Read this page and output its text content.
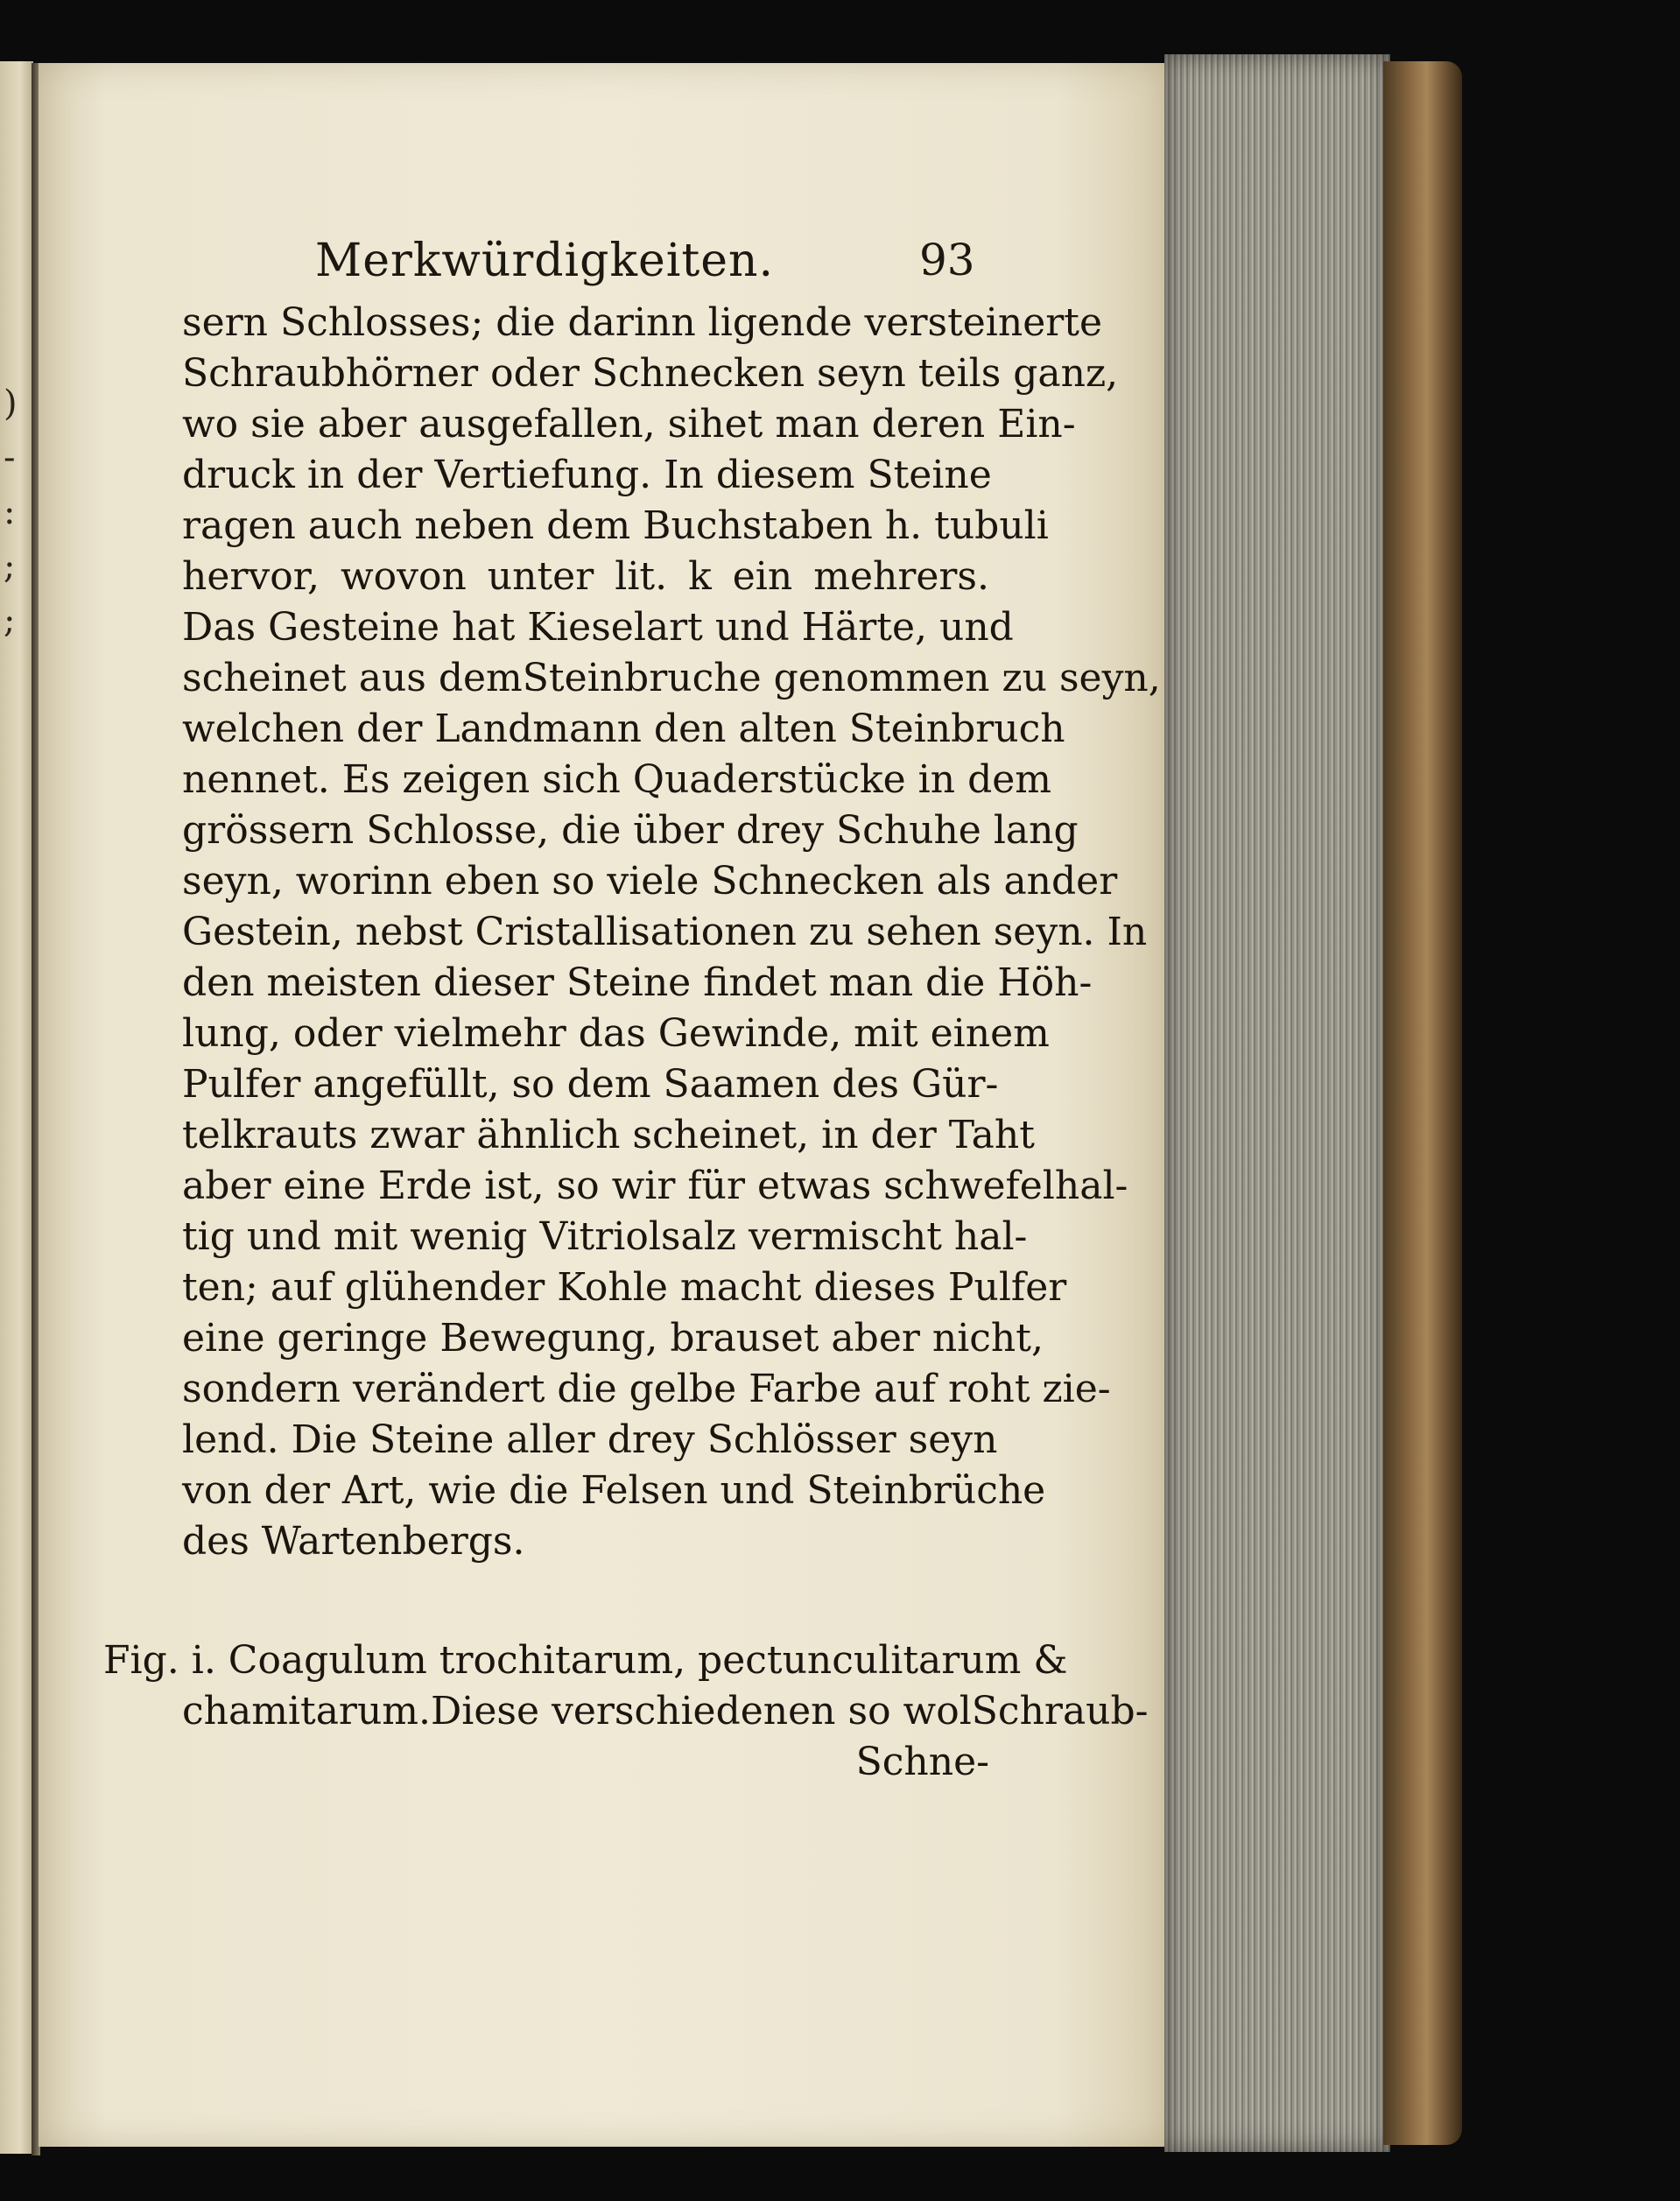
)
-
:
;
;
Merkwürdigkeiten.	93
sern Schlosses; die darinn ligende versteinerte
Schraubhörner oder Schnecken seyn teils ganz,
wo sie aber ausgefallen, sihet man deren Ein-
druck in der Vertiefung. In diesem Steine
ragen auch neben dem Buchstaben h. tubuli
hervor, wovon unter lit. k ein mehrers.
Das Gesteine hat Kieselart und Härte, und
scheinet aus demSteinbruche genommen zu seyn,
welchen der Landmann den alten Steinbruch
nennet. Es zeigen sich Quaderstücke in dem
grössern Schlosse, die über drey Schuhe lang
seyn, worinn eben so viele Schnecken als ander
Gestein, nebst Cristallisationen zu sehen seyn. In
den meisten dieser Steine findet man die Höh-
lung, oder vielmehr das Gewinde, mit einem
Pulfer angefüllt, so dem Saamen des Gür-
telkrauts zwar ähnlich scheinet, in der Taht
aber eine Erde ist, so wir für etwas schwefelhal-
tig und mit wenig Vitriolsalz vermischt hal-
ten; auf glühender Kohle macht dieses Pulfer
eine geringe Bewegung, brauset aber nicht,
sondern verändert die gelbe Farbe auf roht zie-
lend. Die Steine aller drey Schlösser seyn
von der Art, wie die Felsen und Steinbrüche
des Wartenbergs.
Fig. i. Coagulum trochitarum, pectunculitarum &
chamitarum.Diese verschiedenen so wolSchraub-
Schne-
